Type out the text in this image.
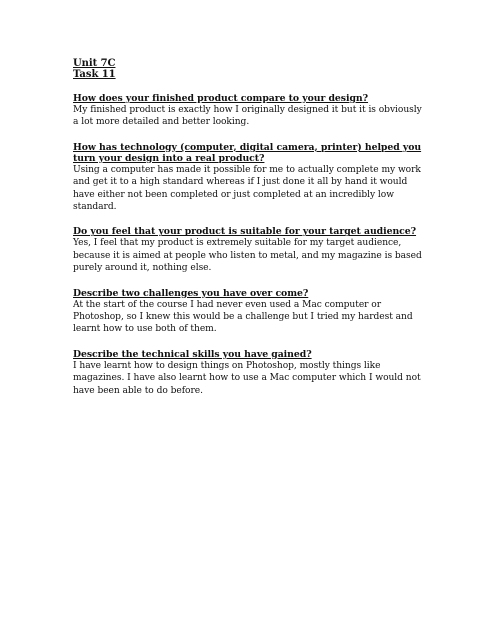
Unit 7C
Task 11
How does your finished product compare to your design?
My finished product is exactly how I originally designed it but it is obviously a lot more detailed and better looking.
How has technology (computer, digital camera, printer) helped you turn your design into a real product?
Using a computer has made it possible for me to actually complete my work and get it to a high standard whereas if I just done it all by hand it would have either not been completed or just completed at an incredibly low standard.
Do you feel that your product is suitable for your target audience?
Yes, I feel that my product is extremely suitable for my target audience, because it is aimed at people who listen to metal, and my magazine is based purely around it, nothing else.
Describe two challenges you have over come?
At the start of the course I had never even used a Mac computer or Photoshop, so I knew this would be a challenge but I tried my hardest and learnt how to use both of them.
Describe the technical skills you have gained?
I have learnt how to design things on Photoshop, mostly things like magazines. I have also learnt how to use a Mac computer which I would not have been able to do before.
